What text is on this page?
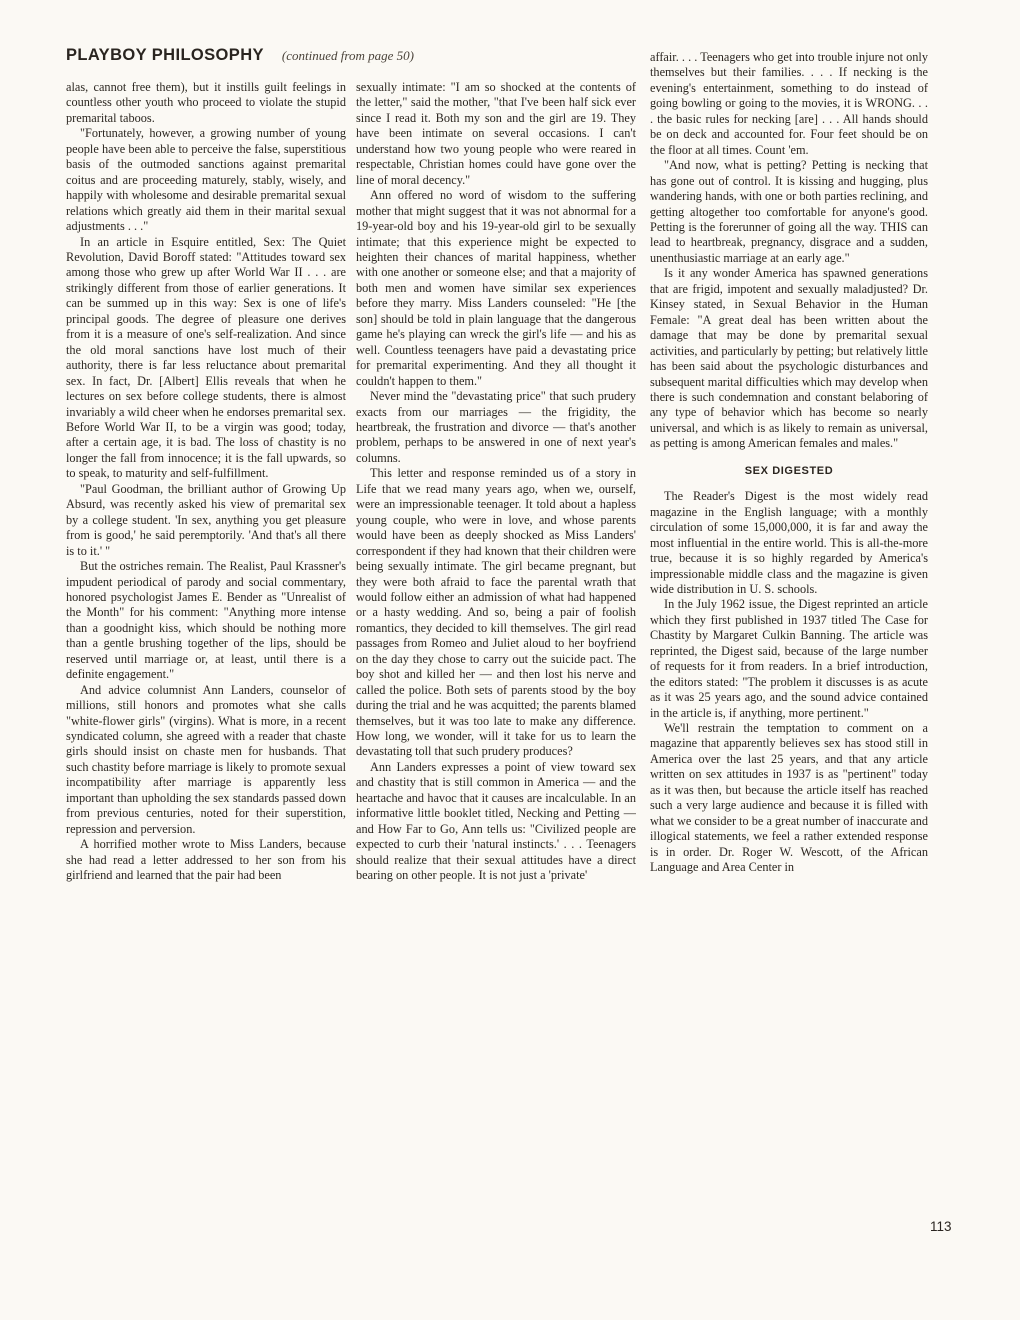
PLAYBOY PHILOSOPHY (continued from page 50)

alas, cannot free them), but it instills guilt feelings in countless other youth who proceed to violate the stupid premarital taboos.

"Fortunately, however, a growing number of young people have been able to perceive the false, superstitious basis of the outmoded sanctions against premarital coitus and are proceeding maturely, stably, wisely, and happily with wholesome and desirable premarital sexual relations which greatly aid them in their marital sexual adjustments . . ."

In an article in Esquire entitled, Sex: The Quiet Revolution, David Boroff stated: "Attitudes toward sex among those who grew up after World War II . . . are strikingly different from those of earlier generations. It can be summed up in this way: Sex is one of life's principal goods. The degree of pleasure one derives from it is a measure of one's self-realization. And since the old moral sanctions have lost much of their authority, there is far less reluctance about premarital sex. In fact, Dr. [Albert] Ellis reveals that when he lectures on sex before college students, there is almost invariably a wild cheer when he endorses premarital sex. Before World War II, to be a virgin was good; today, after a certain age, it is bad. The loss of chastity is no longer the fall from innocence; it is the fall upwards, so to speak, to maturity and self-fulfillment.

"Paul Goodman, the brilliant author of Growing Up Absurd, was recently asked his view of premarital sex by a college student. 'In sex, anything you get pleasure from is good,' he said peremptorily. 'And that's all there is to it.' "

But the ostriches remain. The Realist, Paul Krassner's impudent periodical of parody and social commentary, honored psychologist James E. Bender as "Unrealist of the Month" for his comment: "Anything more intense than a goodnight kiss, which should be nothing more than a gentle brushing together of the lips, should be reserved until marriage or, at least, until there is a definite engagement."

And advice columnist Ann Landers, counselor of millions, still honors and promotes what she calls "white-flower girls" (virgins). What is more, in a recent syndicated column, she agreed with a reader that chaste girls should insist on chaste men for husbands. That such chastity before marriage is likely to promote sexual incompatibility after marriage is apparently less important than upholding the sex standards passed down from previous centuries, noted for their superstition, repression and perversion.

A horrified mother wrote to Miss Landers, because she had read a letter addressed to her son from his girlfriend and learned that the pair had been

sexually intimate: "I am so shocked at the contents of the letter," said the mother, "that I've been half sick ever since I read it. Both my son and the girl are 19. They have been intimate on several occasions. I can't understand how two young people who were reared in respectable, Christian homes could have gone over the line of moral decency."

Ann offered no word of wisdom to the suffering mother that might suggest that it was not abnormal for a 19-year-old boy and his 19-year-old girl to be sexually intimate; that this experience might be expected to heighten their chances of marital happiness, whether with one another or someone else; and that a majority of both men and women have similar sex experiences before they marry. Miss Landers counseled: "He [the son] should be told in plain language that the dangerous game he's playing can wreck the girl's life — and his as well. Countless teenagers have paid a devastating price for premarital experimenting. And they all thought it couldn't happen to them."

Never mind the "devastating price" that such prudery exacts from our marriages — the frigidity, the heartbreak, the frustration and divorce — that's another problem, perhaps to be answered in one of next year's columns.

This letter and response reminded us of a story in Life that we read many years ago, when we, ourself, were an impressionable teenager. It told about a hapless young couple, who were in love, and whose parents would have been as deeply shocked as Miss Landers' correspondent if they had known that their children were being sexually intimate. The girl became pregnant, but they were both afraid to face the parental wrath that would follow either an admission of what had happened or a hasty wedding. And so, being a pair of foolish romantics, they decided to kill themselves. The girl read passages from Romeo and Juliet aloud to her boyfriend on the day they chose to carry out the suicide pact. The boy shot and killed her — and then lost his nerve and called the police. Both sets of parents stood by the boy during the trial and he was acquitted; the parents blamed themselves, but it was too late to make any difference. How long, we wonder, will it take for us to learn the devastating toll that such prudery produces?

Ann Landers expresses a point of view toward sex and chastity that is still common in America — and the heartache and havoc that it causes are incalculable. In an informative little booklet titled, Necking and Petting — and How Far to Go, Ann tells us: "Civilized people are expected to curb their 'natural instincts.' . . . Teenagers should realize that their sexual attitudes have a direct bearing on other people. It is not just a 'private'

affair. . . . Teenagers who get into trouble injure not only themselves but their families. . . . If necking is the evening's entertainment, something to do instead of going bowling or going to the movies, it is WRONG. . . . the basic rules for necking [are] . . . All hands should be on deck and accounted for. Four feet should be on the floor at all times. Count 'em.

"And now, what is petting? Petting is necking that has gone out of control. It is kissing and hugging, plus wandering hands, with one or both parties reclining, and getting altogether too comfortable for anyone's good. Petting is the forerunner of going all the way. THIS can lead to heartbreak, pregnancy, disgrace and a sudden, unenthusiastic marriage at an early age."

Is it any wonder America has spawned generations that are frigid, impotent and sexually maladjusted? Dr. Kinsey stated, in Sexual Behavior in the Human Female: "A great deal has been written about the damage that may be done by premarital sexual activities, and particularly by petting; but relatively little has been said about the psychologic disturbances and subsequent marital difficulties which may develop when there is such condemnation and constant belaboring of any type of behavior which has become so nearly universal, and which is as likely to remain as universal, as petting is among American females and males."

SEX DIGESTED

The Reader's Digest is the most widely read magazine in the English language; with a monthly circulation of some 15,000,000, it is far and away the most influential in the entire world. This is all-the-more true, because it is so highly regarded by America's impressionable middle class and the magazine is given wide distribution in U. S. schools.

In the July 1962 issue, the Digest reprinted an article which they first published in 1937 titled The Case for Chastity by Margaret Culkin Banning. The article was reprinted, the Digest said, because of the large number of requests for it from readers. In a brief introduction, the editors stated: "The problem it discusses is as acute as it was 25 years ago, and the sound advice contained in the article is, if anything, more pertinent."

We'll restrain the temptation to comment on a magazine that apparently believes sex has stood still in America over the last 25 years, and that any article written on sex attitudes in 1937 is as "pertinent" today as it was then, but because the article itself has reached such a very large audience and because it is filled with what we consider to be a great number of inaccurate and illogical statements, we feel a rather extended response is in order. Dr. Roger W. Wescott, of the African Language and Area Center in

113
